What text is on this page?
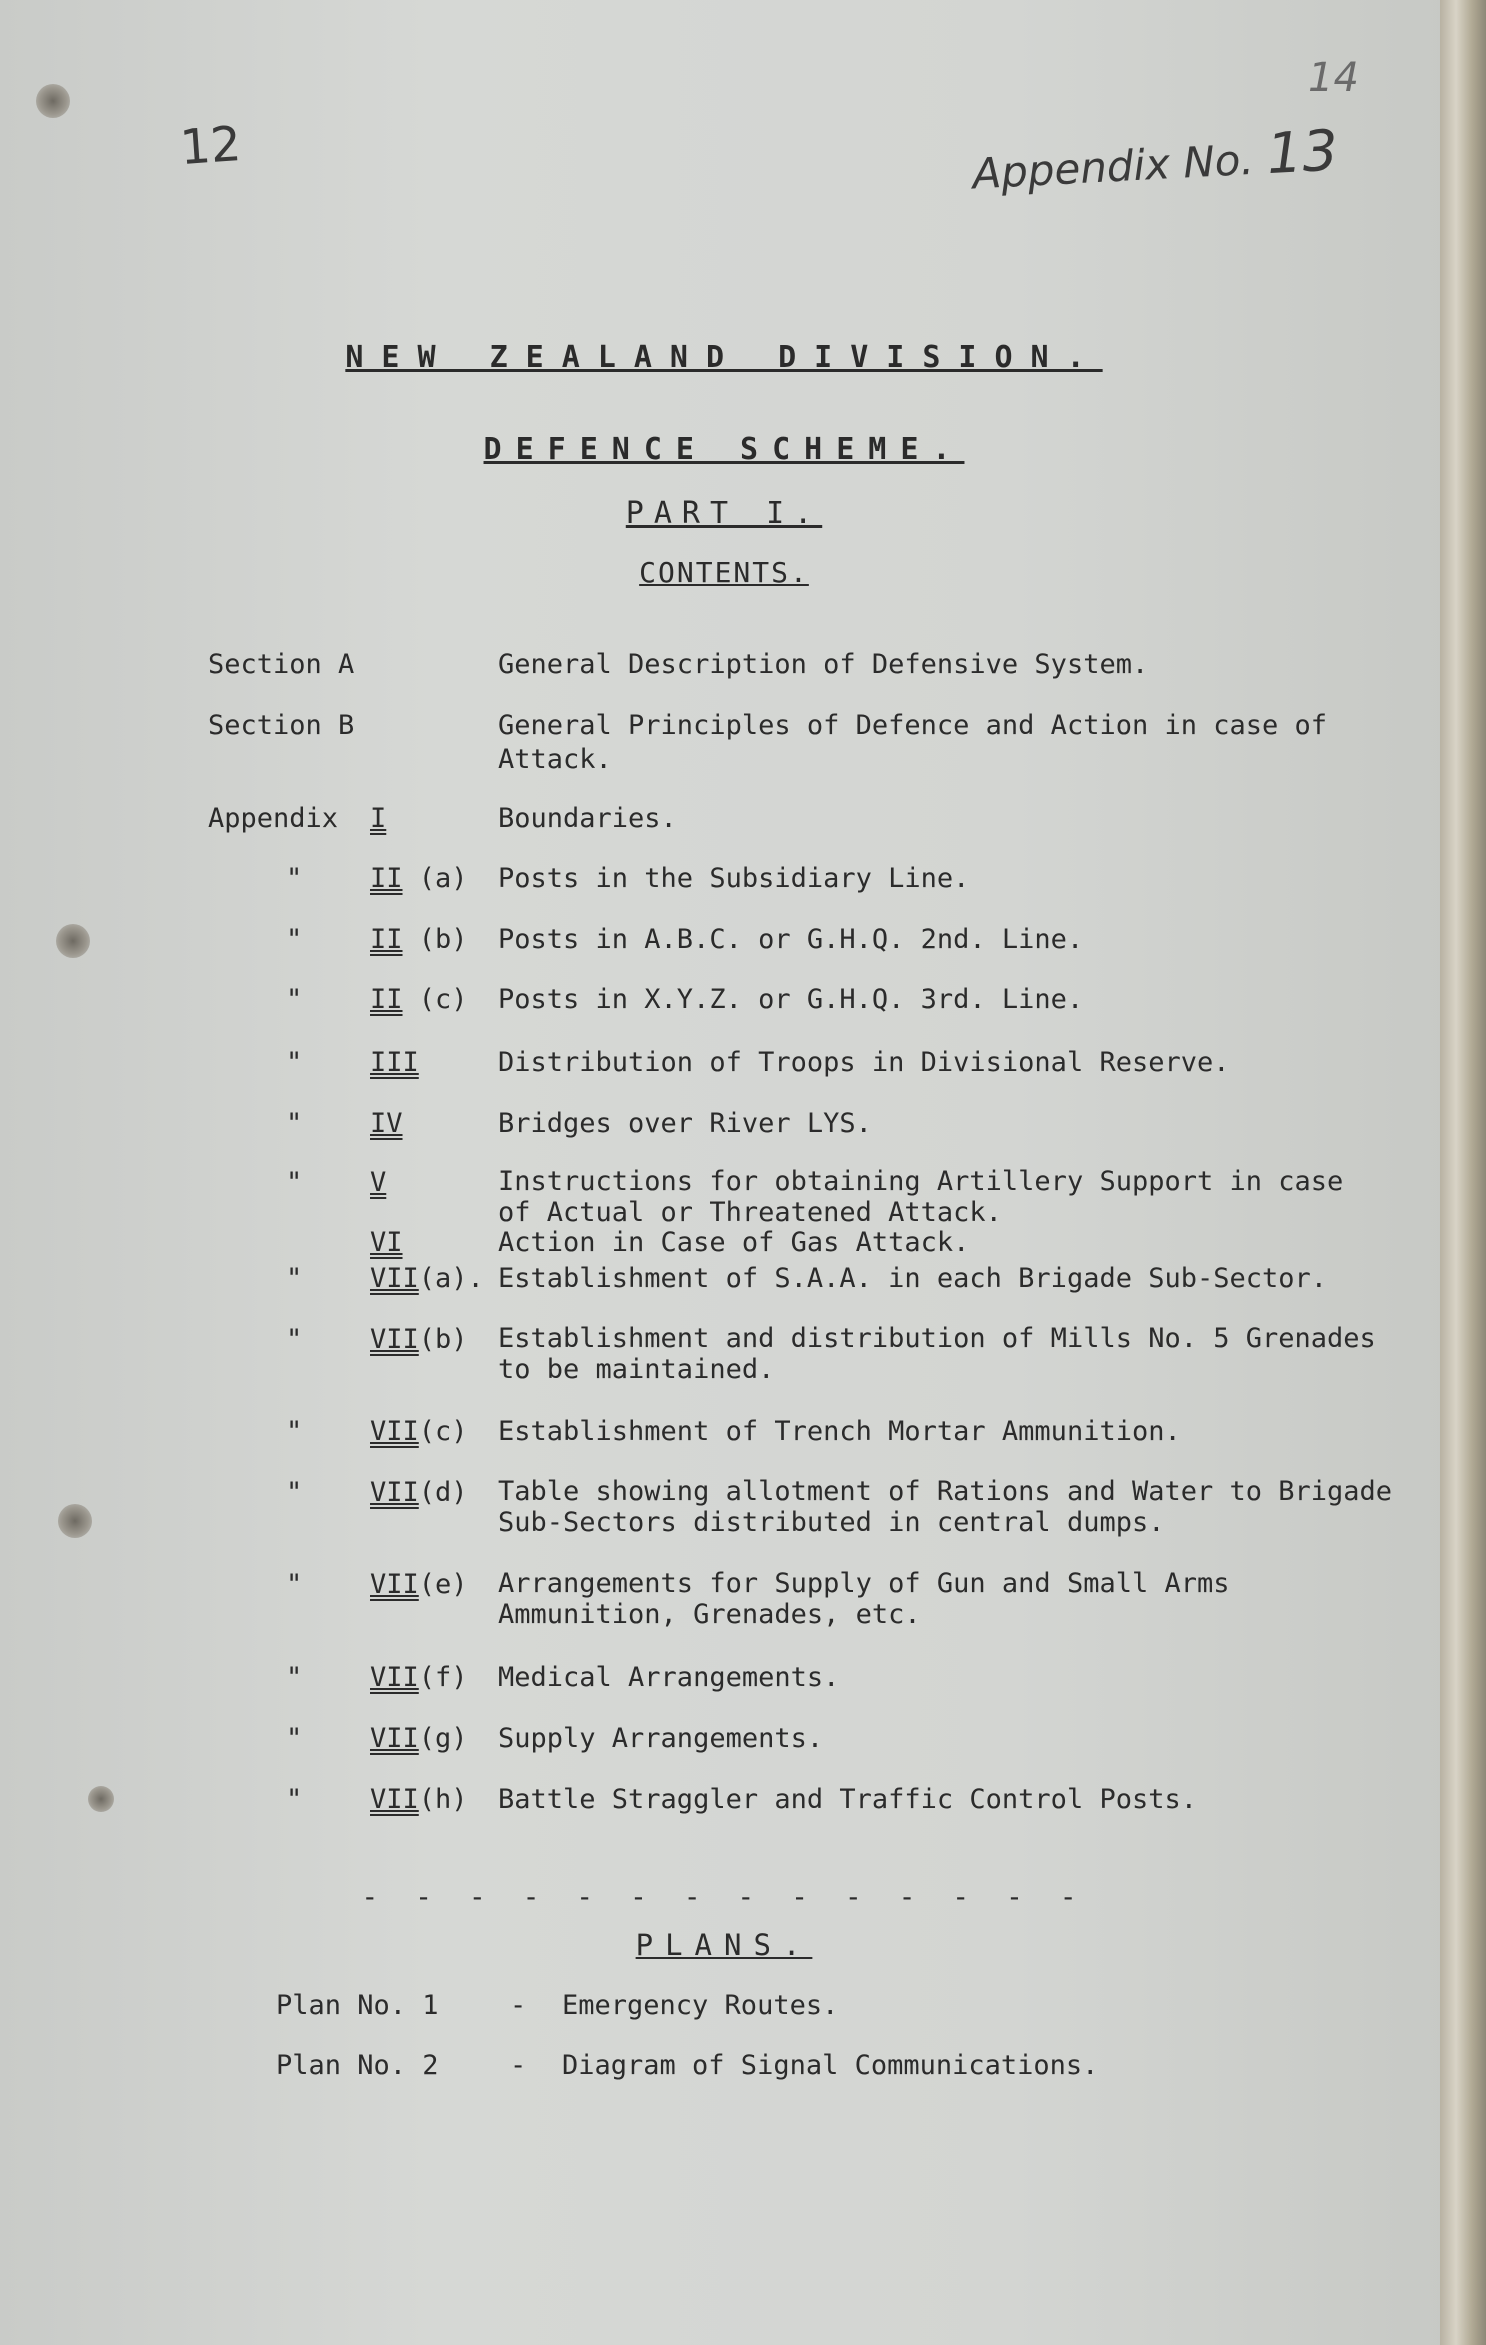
12
14
Appendix No. 13
NEW ZEALAND DIVISION.
DEFENCE SCHEME.
PART I.
CONTENTS.
Section A	General Description of Defensive System.
Section B	General Principles of Defence and Action in case of Attack.
Appendix I	Boundaries.
"	II (a) Posts in the Subsidiary Line.
"	II (b) Posts in A.B.C. or G.H.Q. 2nd. Line.
"	II (c) Posts in X.Y.Z. or G.H.Q. 3rd. Line.
"	III	Distribution of Troops in Divisional Reserve.
"	IV	Bridges over River LYS.
"	V	Instructions for obtaining Artillery Support in case of Actual or Threatened Attack.
VI	Action in Case of Gas Attack.
"	VII(a). Establishment of S.A.A. in each Brigade Sub-Sector.
"	VII(b) Establishment and distribution of Mills No. 5 Grenades to be maintained.
"	VII(c) Establishment of Trench Mortar Ammunition.
"	VII(d) Table showing allotment of Rations and Water to Brigade Sub-Sectors distributed in central dumps.
"	VII(e) Arrangements for Supply of Gun and Small Arms Ammunition, Grenades, etc.
"	VII(f) Medical Arrangements.
"	VII(g) Supply Arrangements.
"	VII(h) Battle Straggler and Traffic Control Posts.
- - - - - - - - - - - - - -
PLANS.
Plan No. 1	- Emergency Routes.
Plan No. 2	- Diagram of Signal Communications.
